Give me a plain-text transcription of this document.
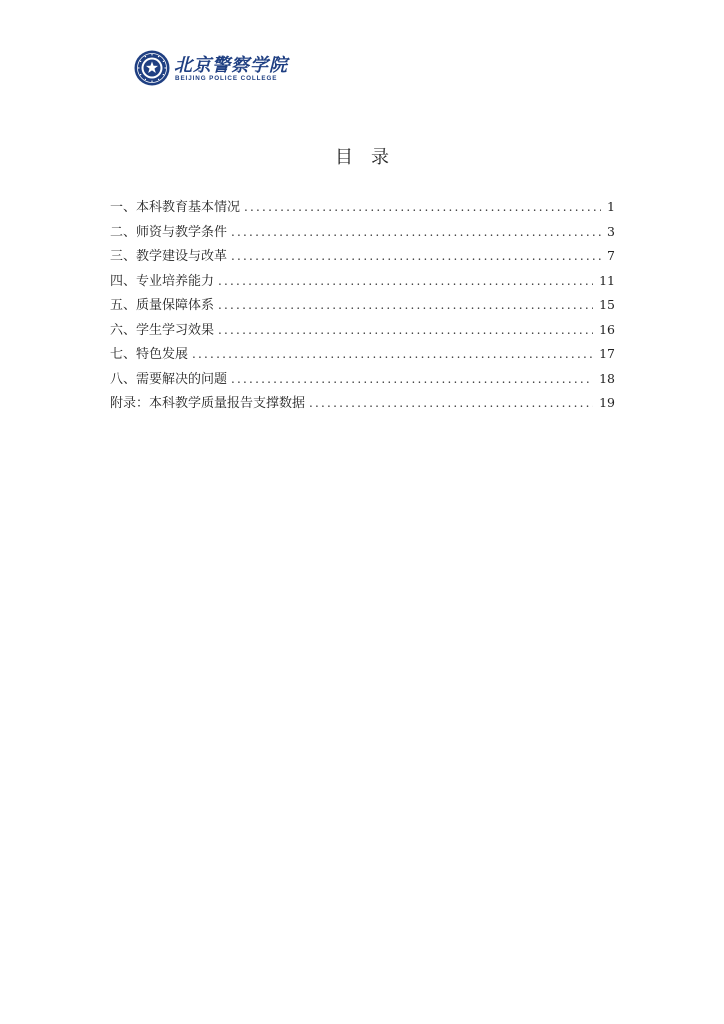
北京警察学院
BEIJING POLICE COLLEGE
目录
一、本科教育基本情况 .....	1
二、师资与教学条件 .....	3
三、教学建设与改革 .....	7
四、专业培养能力 .....	11
五、质量保障体系 .....	15
六、学生学习效果 .....	16
七、特色发展 .....	17
八、需要解决的问题 .....	18
附录：本科教学质量报告支撑数据 .....	19
